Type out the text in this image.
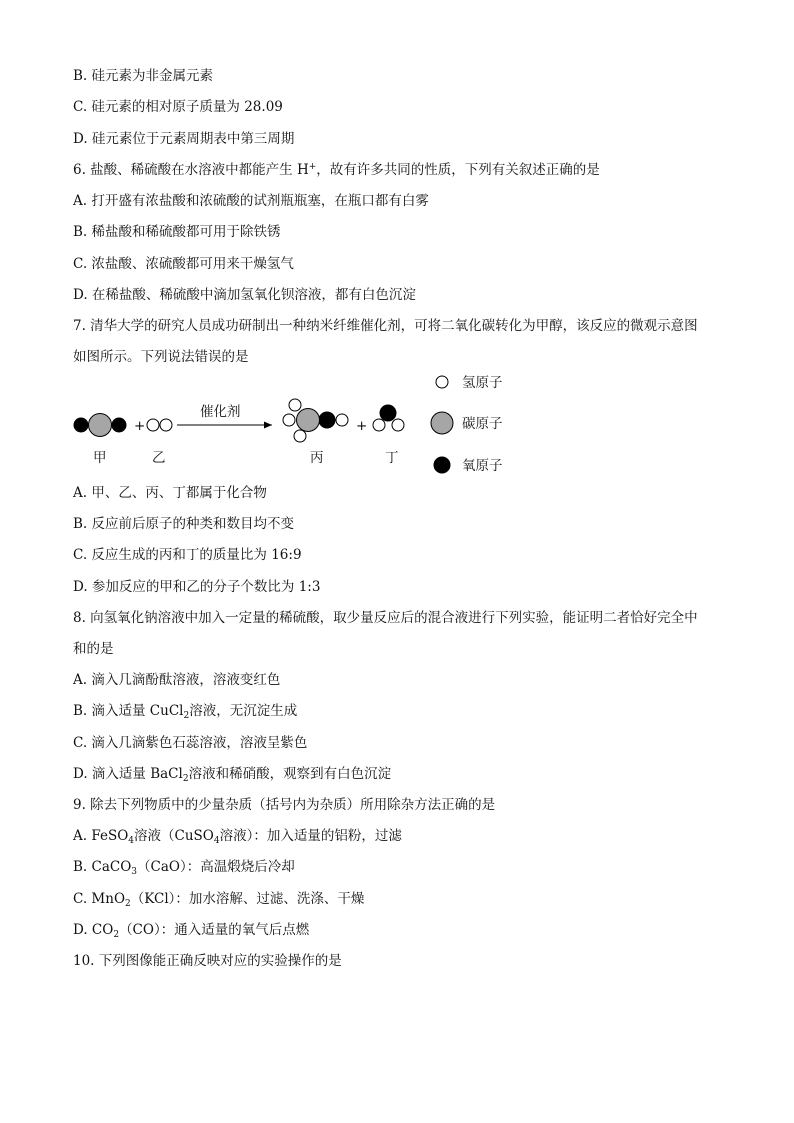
B. 硅元素为非金属元素
C. 硅元素的相对原子质量为 28.09
D. 硅元素位于元素周期表中第三周期
6. 盐酸、稀硫酸在水溶液中都能产生 H+，故有许多共同的性质，下列有关叙述正确的是
A. 打开盛有浓盐酸和浓硫酸的试剂瓶瓶塞，在瓶口都有白雾
B. 稀盐酸和稀硫酸都可用于除铁锈
C. 浓盐酸、浓硫酸都可用来干燥氢气
D. 在稀盐酸、稀硫酸中滴加氢氧化钡溶液，都有白色沉淀
7. 清华大学的研究人员成功研制出一种纳米纤维催化剂，可将二氧化碳转化为甲醇，该反应的微观示意图
如图所示。下列说法错误的是
+
催化剂
+
甲	乙	丙	丁
氢原子
碳原子
氧原子
A. 甲、乙、丙、丁都属于化合物
B. 反应前后原子的种类和数目均不变
C. 反应生成的丙和丁的质量比为 16:9
D. 参加反应的甲和乙的分子个数比为 1:3
8. 向氢氧化钠溶液中加入一定量的稀硫酸，取少量反应后的混合液进行下列实验，能证明二者恰好完全中
和的是
A. 滴入几滴酚酞溶液，溶液变红色
B. 滴入适量 CuCl$_2$溶液，无沉淀生成
C. 滴入几滴紫色石蕊溶液，溶液呈紫色
D. 滴入适量 BaCl$_2$溶液和稀硝酸，观察到有白色沉淀
9. 除去下列物质中的少量杂质（括号内为杂质）所用除杂方法正确的是
A. FeSO$_4$溶液（CuSO$_4$溶液）：加入适量的铝粉，过滤
B. CaCO$_3$（CaO）：高温煅烧后冷却
C. MnO$_2$（KCl）：加水溶解、过滤、洗涤、干燥
D. $CO_2(CO)$：通入适量的氧气后点燃
10. 下列图像能正确反映对应的实验操作的是
